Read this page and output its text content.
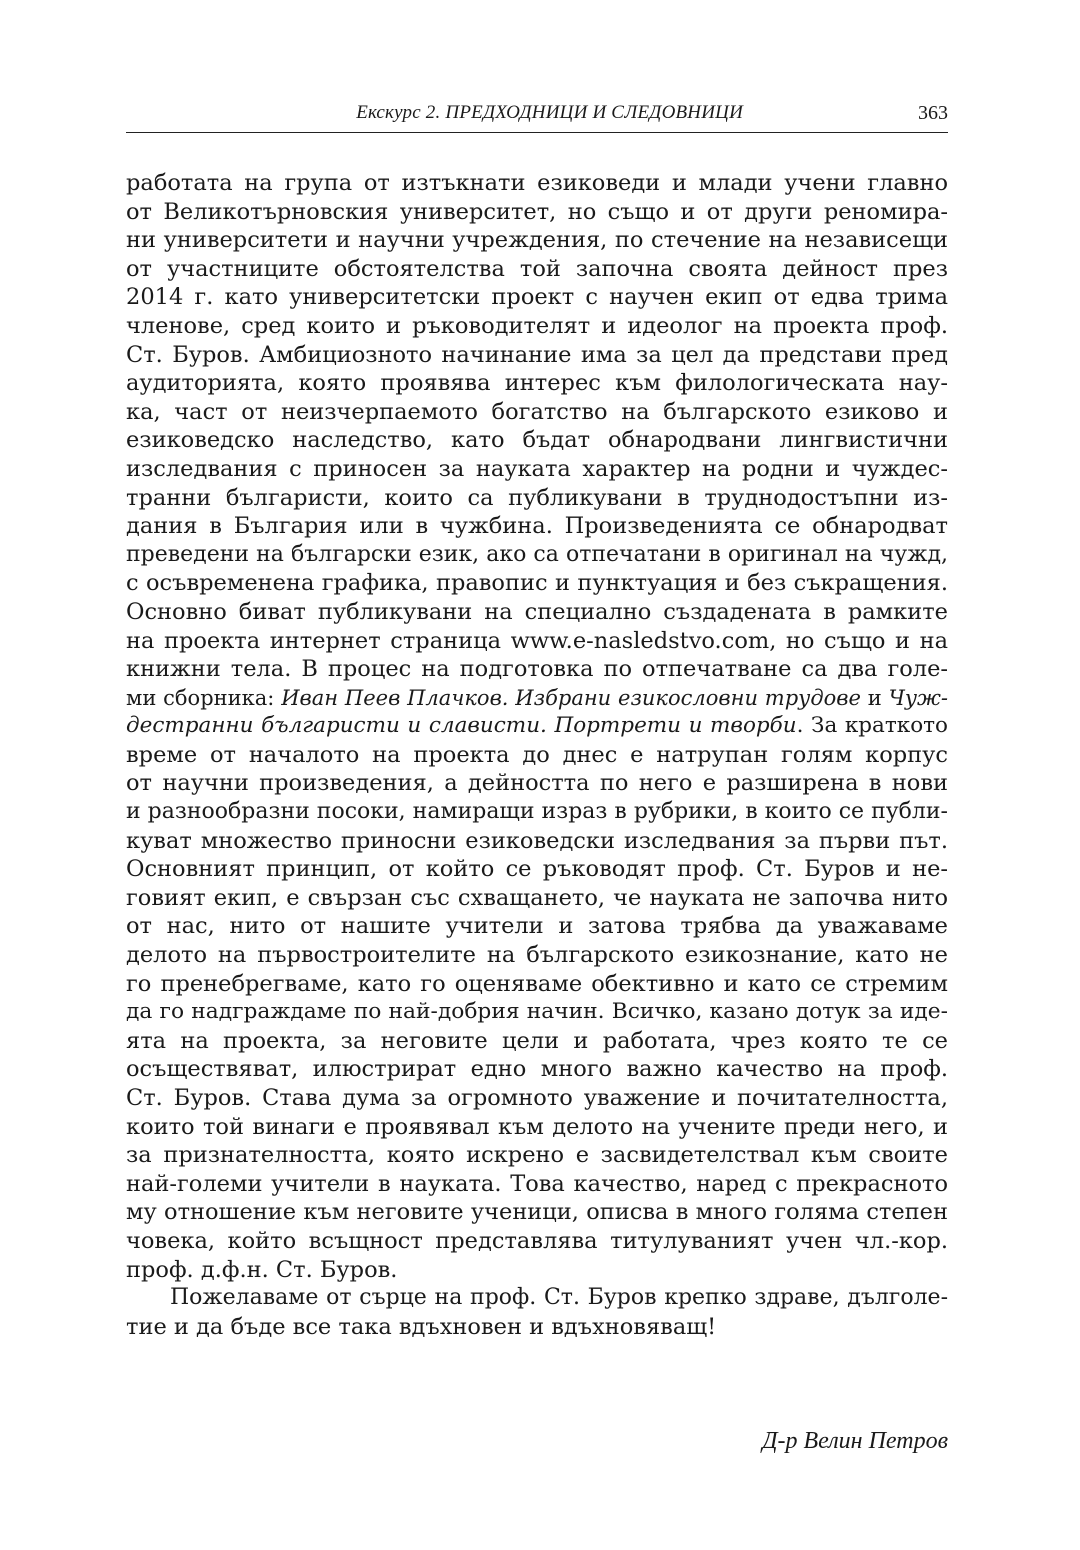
Екскурс 2. ПРЕДХОДНИЦИ И СЛЕДОВНИЦИ	363
работата на група от изтъкнати езиковеди и млади учени главно
от Великотърновския университет, но също и от други реномира-
ни университети и научни учреждения, по стечение на независещи
от участниците обстоятелства той започна своята дейност през
2014 г. като университетски проект с научен екип от едва трима
членове, сред които и ръководителят и идеолог на проекта проф.
Ст. Буров. Амбициозното начинание има за цел да представи пред
аудиторията, която проявява интерес към филологическата нау-
ка, част от неизчерпаемото богатство на българското езиково и
езиковедско наследство, като бъдат обнародвани лингвистични
изследвания с приносен за науката характер на родни и чуждес-
транни българисти, които са публикувани в труднодостъпни из-
дания в България или в чужбина. Произведенията се обнародват
преведени на български език, ако са отпечатани в оригинал на чужд,
с осъвременена графика, правопис и пунктуация и без съкращения.
Основно биват публикувани на специално създадената в рамките
на проекта интернет страница www.e-nasledstvo.com, но също и на
книжни тела. В процес на подготовка по отпечатване са два голе-
ми сборника: Иван Пеев Плачков. Избрани езикословни трудове и Чуж-
дестранни българисти и слависти. Портрети и творби. За краткото
време от началото на проекта до днес е натрупан голям корпус
от научни произведения, а дейността по него е разширена в нови
и разнообразни посоки, намиращи израз в рубрики, в които се публи-
куват множество приносни езиковедски изследвания за първи път.
Основният принцип, от който се ръководят проф. Ст. Буров и не-
говият екип, е свързан със схващането, че науката не започва нито
от нас, нито от нашите учители и затова трябва да уважаваме
делото на първостроителите на българското езикознание, като не
го пренебрегваме, като го оценяваме обективно и като се стремим
да го надграждаме по най-добрия начин. Всичко, казано дотук за иде-
ята на проекта, за неговите цели и работата, чрез която те се
осъществяват, илюстрират едно много важно качество на проф.
Ст. Буров. Става дума за огромното уважение и почитателността,
които той винаги е проявявал към делото на учените преди него, и
за признателността, която искрено е засвидетелствал към своите
най-големи учители в науката. Това качество, наред с прекрасното
му отношение към неговите ученици, описва в много голяма степен
човека, който всъщност представлява титулуваният учен чл.-кор.
проф. д.ф.н. Ст. Буров.
Пожелаваме от сърце на проф. Ст. Буров крепко здраве, дълголе-
тие и да бъде все така вдъхновен и вдъхновяващ!
Д-р Велин Петров
